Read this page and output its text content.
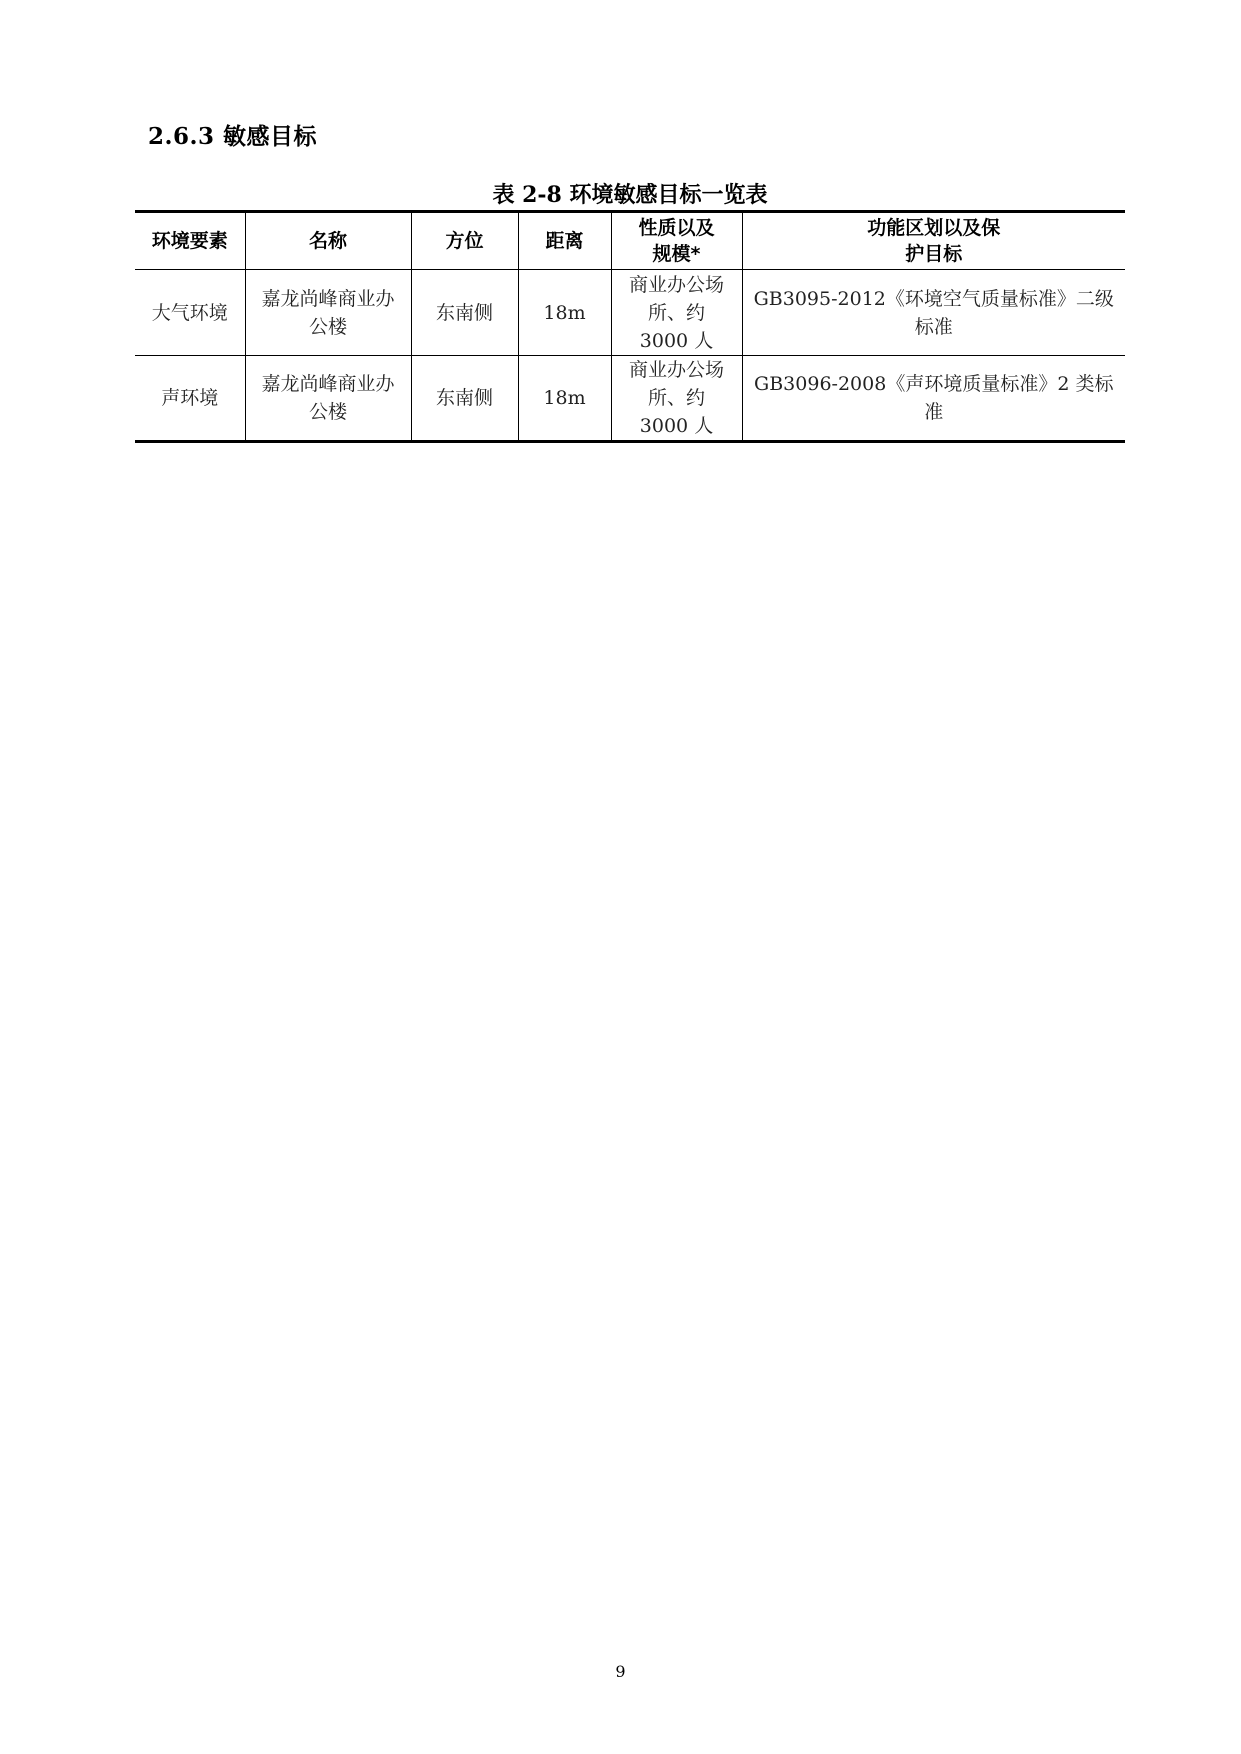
2.6.3 敏感目标
表 2-8 环境敏感目标一览表
环境要素	名称	方位	距离	性质以及规模*	功能区划以及保护目标
大气环境	嘉龙尚峰商业办公楼	东南侧	18m	商业办公场所、约 3000 人	GB3095-2012《环境空气质量标准》二级标准
声环境	嘉龙尚峰商业办公楼	东南侧	18m	商业办公场所、约 3000 人	GB3096-2008《声环境质量标准》2 类标准
9
